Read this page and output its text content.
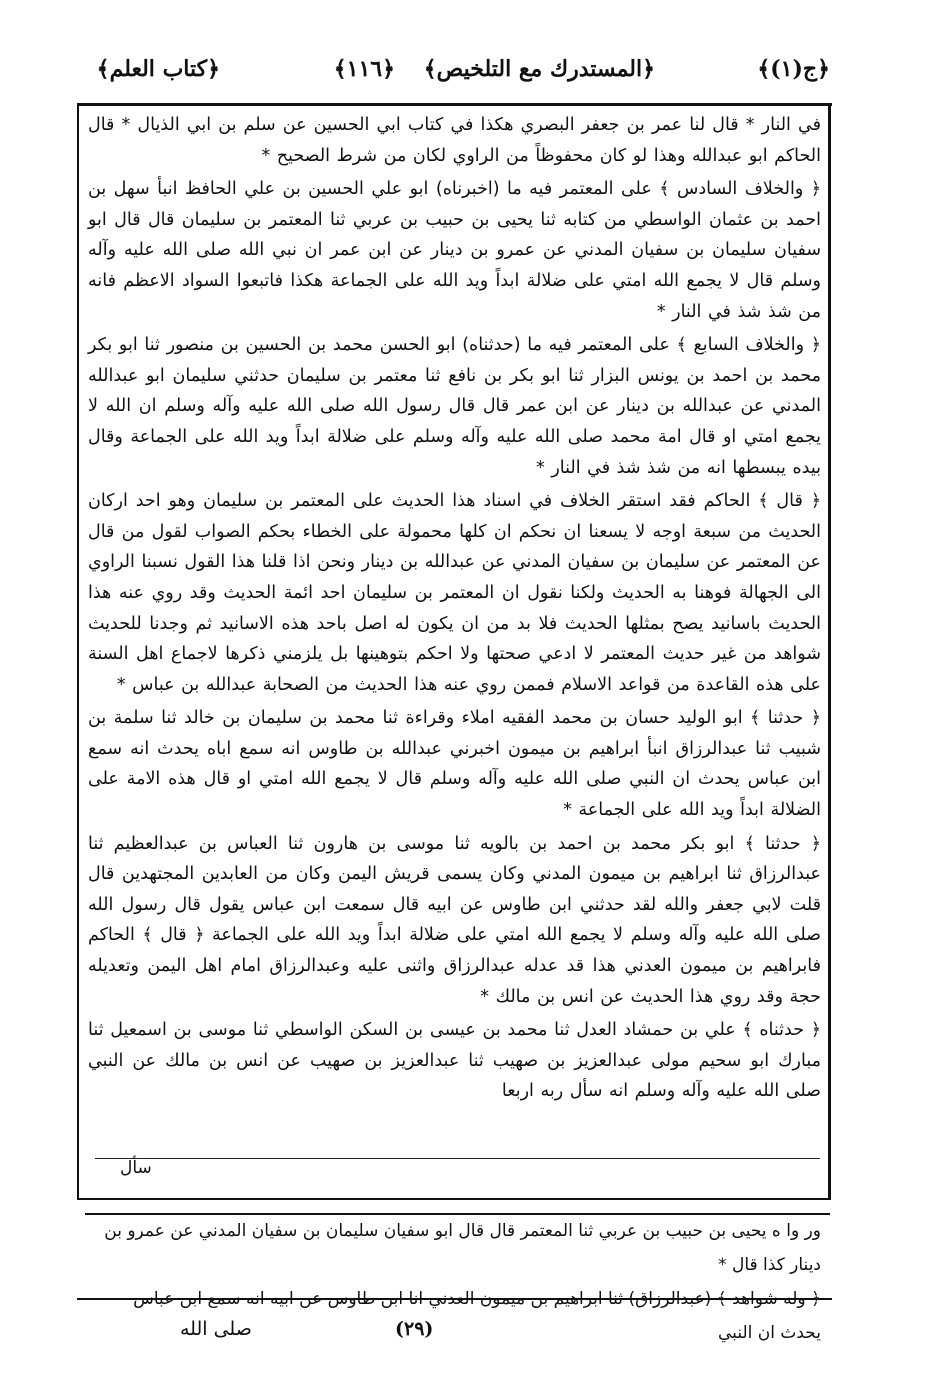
﴿ج(١)﴾
﴿المستدرك مع التلخيص﴾
﴿١١٦﴾
﴿كتاب العلم﴾

في النار * قال لنا عمر بن جعفر البصري هكذا في كتاب ابي الحسين عن سلم بن ابي الذيال * قال الحاكم ابو عبدالله وهذا لو كان محفوظاً من الراوي لكان من شرط الصحيح *

﴿ والخلاف السادس ﴾ على المعتمر فيه ما (اخبرناه) ابو علي الحسين بن علي الحافظ انبأ سهل بن احمد بن عثمان الواسطي من كتابه ثنا يحيى بن حبيب بن عربي ثنا المعتمر بن سليمان قال قال ابو سفيان سليمان بن سفيان المدني عن عمرو بن دينار عن ابن عمر ان نبي الله صلى الله عليه وآله وسلم قال لا يجمع الله امتي على ضلالة ابداً ويد الله على الجماعة هكذا فاتبعوا السواد الاعظم فانه من شذ شذ في النار *

﴿ والخلاف السابع ﴾ على المعتمر فيه ما (حدثناه) ابو الحسن محمد بن الحسين بن منصور ثنا ابو بكر محمد بن احمد بن يونس البزار ثنا ابو بكر بن نافع ثنا معتمر بن سليمان حدثني سليمان ابو عبدالله المدني عن عبدالله بن دينار عن ابن عمر قال قال رسول الله صلى الله عليه وآله وسلم ان الله لا يجمع امتي او قال امة محمد صلى الله عليه وآله وسلم على ضلالة ابداً ويد الله على الجماعة وقال بيده يبسطها انه من شذ شذ في النار *

﴿ قال ﴾ الحاكم فقد استقر الخلاف في اسناد هذا الحديث على المعتمر بن سليمان وهو احد اركان الحديث من سبعة اوجه لا يسعنا ان نحكم ان كلها محمولة على الخطاء بحكم الصواب لقول من قال عن المعتمر عن سليمان بن سفيان المدني عن عبدالله بن دينار ونحن اذا قلنا هذا القول نسبنا الراوي الى الجهالة فوهنا به الحديث ولكنا نقول ان المعتمر بن سليمان احد ائمة الحديث وقد روي عنه هذا الحديث باسانيد يصح بمثلها الحديث فلا بد من ان يكون له اصل باحد هذه الاسانيد ثم وجدنا للحديث شواهد من غير حديث المعتمر لا ادعي صحتها ولا احكم بتوهينها بل يلزمني ذكرها لاجماع اهل السنة على هذه القاعدة من قواعد الاسلام فممن روي عنه هذا الحديث من الصحابة عبدالله بن عباس *

﴿ حدثنا ﴾ ابو الوليد حسان بن محمد الفقيه املاء وقراءة ثنا محمد بن سليمان بن خالد ثنا سلمة بن شبيب ثنا عبدالرزاق انبأ ابراهيم بن ميمون اخبرني عبدالله بن طاوس انه سمع اباه يحدث انه سمع ابن عباس يحدث ان النبي صلى الله عليه وآله وسلم قال لا يجمع الله امتي او قال هذه الامة على الضلالة ابداً ويد الله على الجماعة *

﴿ حدثنا ﴾ ابو بكر محمد بن احمد بن بالويه ثنا موسى بن هارون ثنا العباس بن عبدالعظيم ثنا عبدالرزاق ثنا ابراهيم بن ميمون المدني وكان يسمى قريش اليمن وكان من العابدين المجتهدين قال قلت لابي جعفر والله لقد حدثني ابن طاوس عن ابيه قال سمعت ابن عباس يقول قال رسول الله صلى الله عليه وآله وسلم لا يجمع الله امتي على ضلالة ابداً ويد الله على الجماعة ﴿ قال ﴾ الحاكم فابراهيم بن ميمون العدني هذا قد عدله عبدالرزاق واثنى عليه وعبدالرزاق امام اهل اليمن وتعديله حجة وقد روي هذا الحديث عن انس بن مالك *

﴿ حدثناه ﴾ علي بن حمشاد العدل ثنا محمد بن عيسى بن السكن الواسطي ثنا موسى بن اسمعيل ثنا مبارك ابو سحيم مولى عبدالعزيز بن صهيب ثنا عبدالعزيز بن صهيب عن انس بن مالك عن النبي صلى الله عليه وآله وسلم انه سأل ربه اربعا

سأل

ور وا ه يحيى بن حبيب بن عربي ثنا المعتمر قال قال ابو سفيان سليمان بن سفيان المدني عن عمرو بن دينار كذا قال *

﴿ وله شواهد ﴾ (عبدالرزاق) ثنا ابراهيم بن ميمون العدني انا ابن طاوس عن ابيه انه سمع ابن عباس يحدث ان النبي

(٢٩)
صلى الله
